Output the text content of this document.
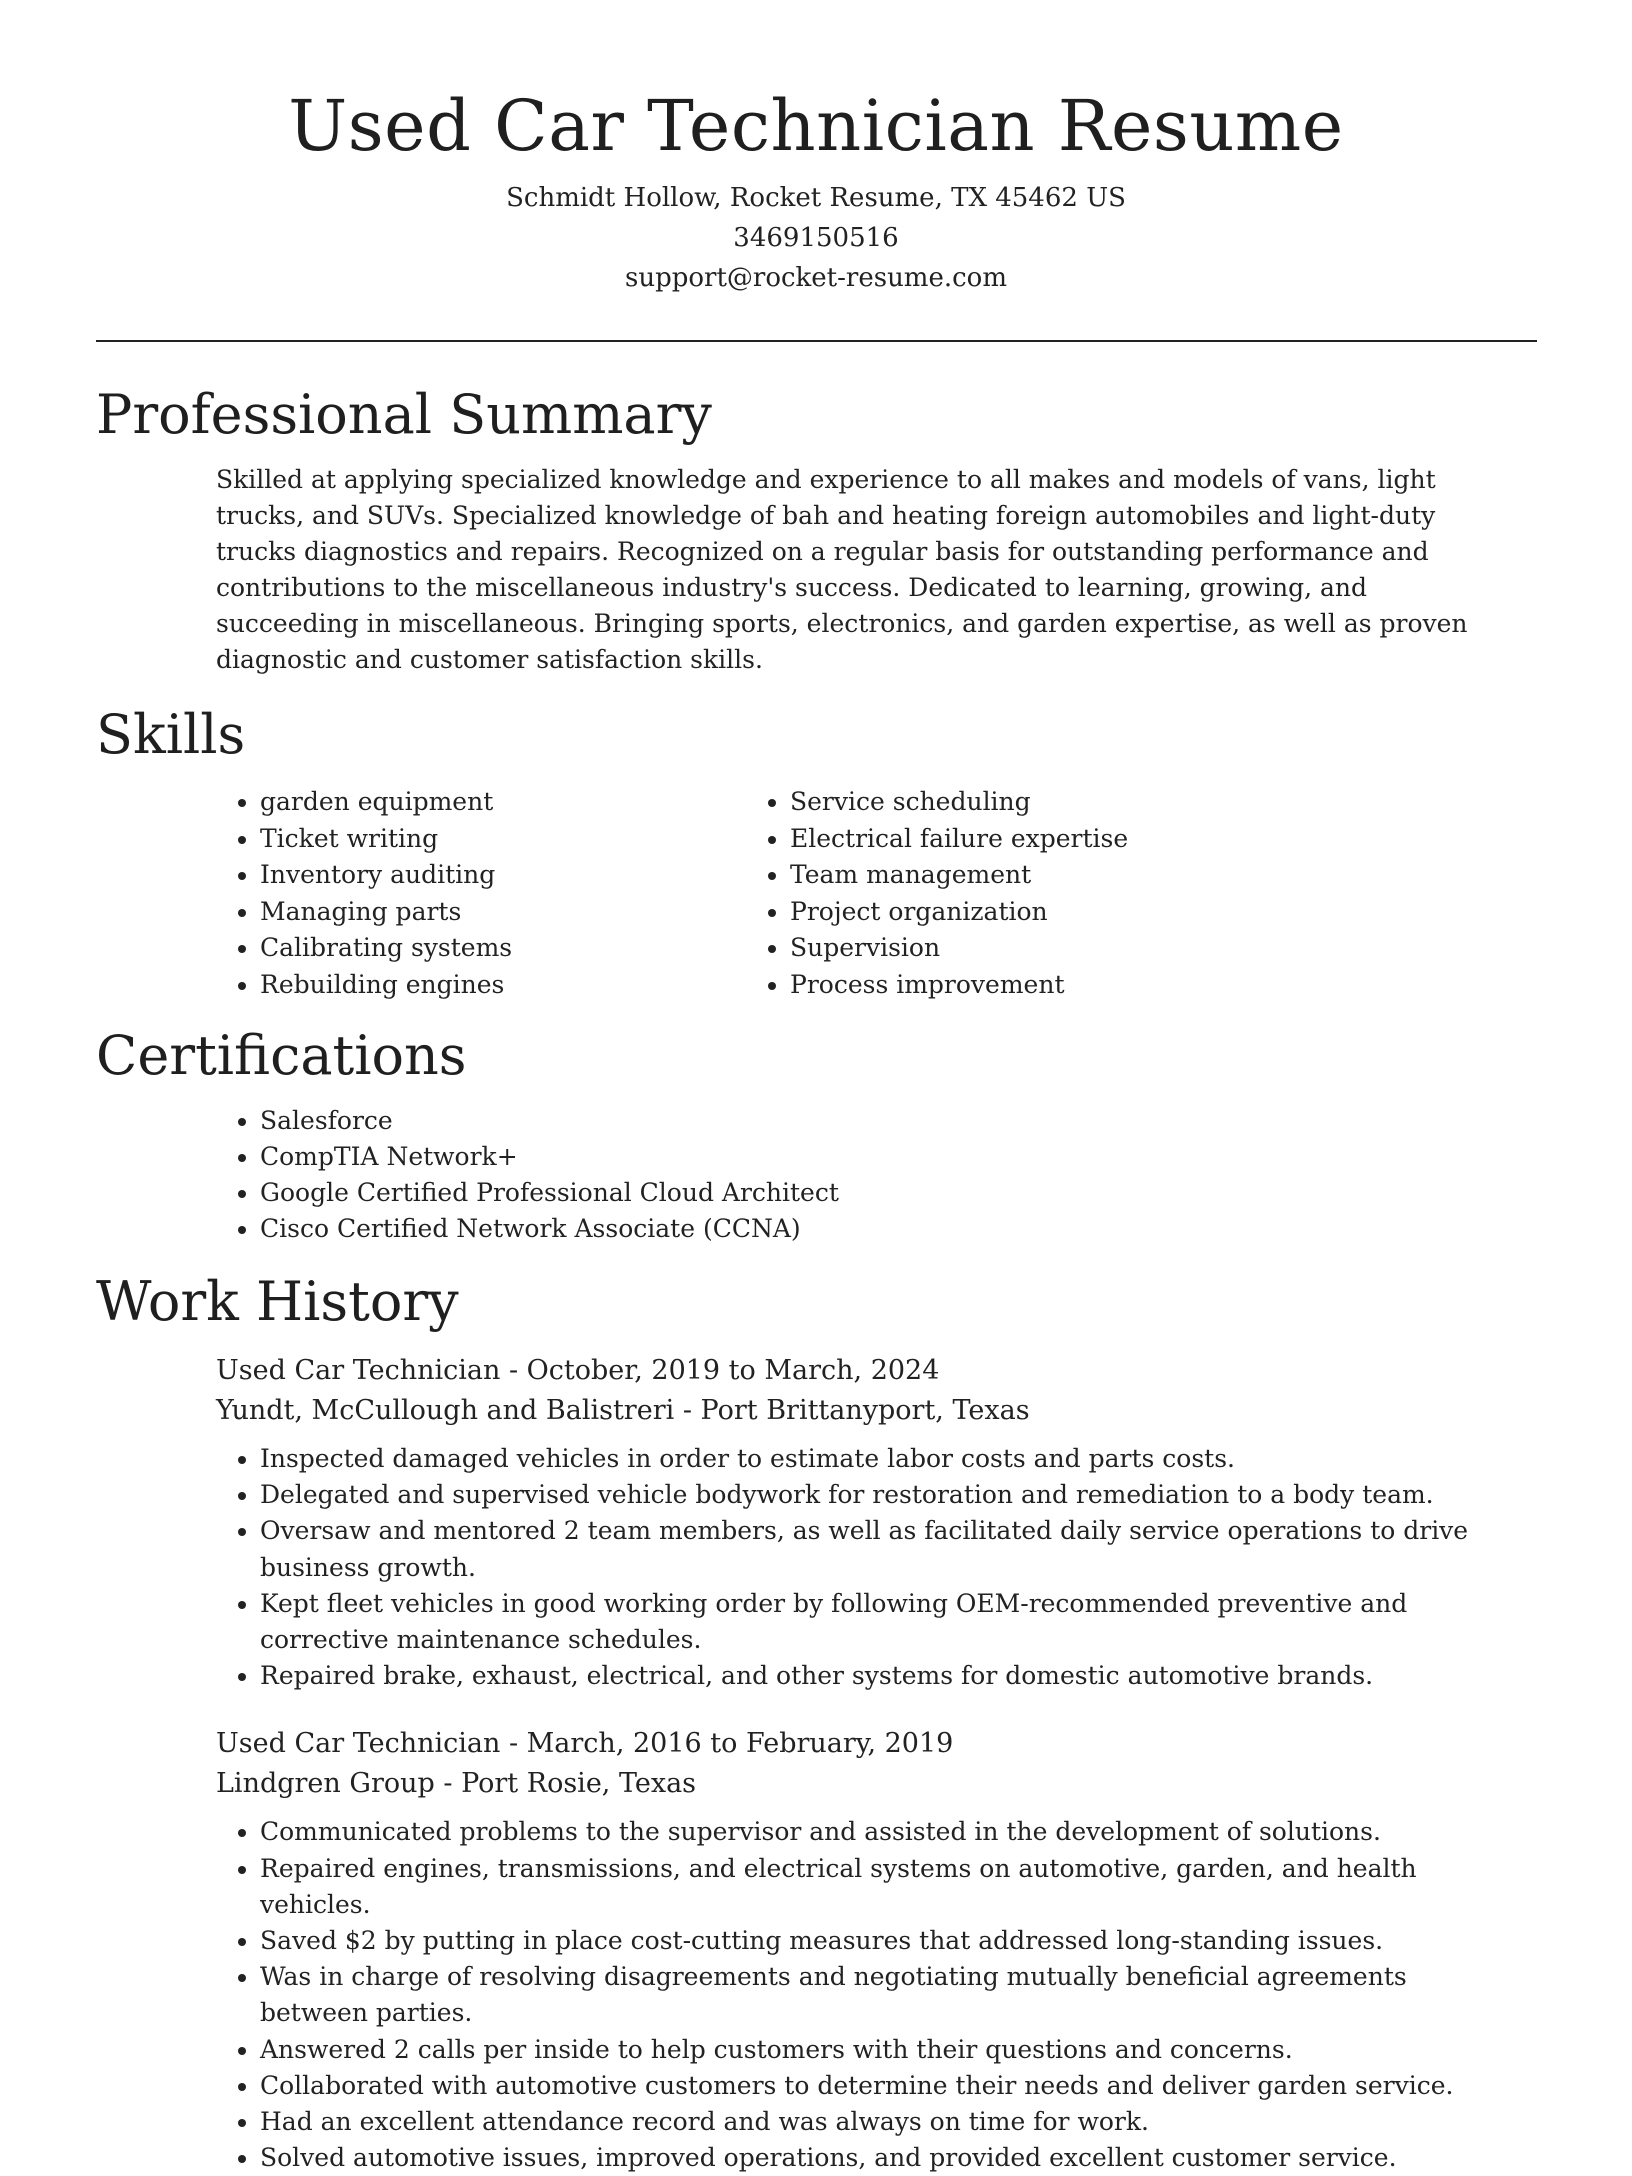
Used Car Technician Resume
Schmidt Hollow, Rocket Resume, TX 45462 US
3469150516
support@rocket-resume.com
Professional Summary

Skilled at applying specialized knowledge and experience to all makes and models of vans, light trucks, and SUVs. Specialized knowledge of bah and heating foreign automobiles and light-duty trucks diagnostics and repairs. Recognized on a regular basis for outstanding performance and contributions to the miscellaneous industry's success. Dedicated to learning, growing, and succeeding in miscellaneous. Bringing sports, electronics, and garden expertise, as well as proven diagnostic and customer satisfaction skills.

Skills
• garden equipment
• Ticket writing
• Inventory auditing
• Managing parts
• Calibrating systems
• Rebuilding engines
• Service scheduling
• Electrical failure expertise
• Team management
• Project organization
• Supervision
• Process improvement
Certifications
• Salesforce
• CompTIA Network+
• Google Certified Professional Cloud Architect
• Cisco Certified Network Associate (CCNA)
Work History

Used Car Technician - October, 2019 to March, 2024

Yundt, McCullough and Balistreri - Port Brittanyport, Texas

• Inspected damaged vehicles in order to estimate labor costs and parts costs.
• Delegated and supervised vehicle bodywork for restoration and remediation to a body team.
• Oversaw and mentored 2 team members, as well as facilitated daily service operations to drive business growth.
• Kept fleet vehicles in good working order by following OEM-recommended preventive and corrective maintenance schedules.
• Repaired brake, exhaust, electrical, and other systems for domestic automotive brands.

Used Car Technician - March, 2016 to February, 2019

Lindgren Group - Port Rosie, Texas

• Communicated problems to the supervisor and assisted in the development of solutions.
• Repaired engines, transmissions, and electrical systems on automotive, garden, and health vehicles.
• Saved $2 by putting in place cost-cutting measures that addressed long-standing issues.
• Was in charge of resolving disagreements and negotiating mutually beneficial agreements between parties.
• Answered 2 calls per inside to help customers with their questions and concerns.
• Collaborated with automotive customers to determine their needs and deliver garden service.
• Had an excellent attendance record and was always on time for work.
• Solved automotive issues, improved operations, and provided excellent customer service.
